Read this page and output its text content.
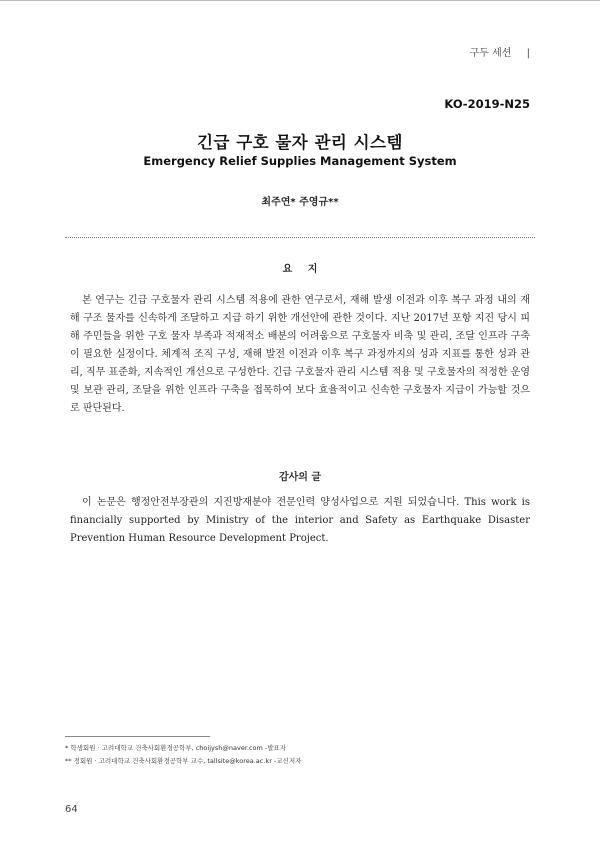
구두 세션 |
KO-2019-N25
긴급 구호 물자 관리 시스템
Emergency Relief Supplies Management System
최주연* 주영규**
요 지
본 연구는 긴급 구호물자 관리 시스템 적용에 관한 연구로서, 재해 발생 이전과 이후 복구 과정 내의 재해 구조 물자를 신속하게 조달하고 지급 하기 위한 개선안에 관한 것이다. 지난 2017년 포항 지진 당시 피해 주민들을 위한 구호 물자 부족과 적재적소 배분의 어려움으로 구호물자 비축 및 관리, 조달 인프라 구축이 필요한 실정이다. 체계적 조직 구성, 재해 발전 이전과 이후 복구 과정까지의 성과 지표를 통한 성과 관리, 직무 표준화, 지속적인 개선으로 구성한다. 긴급 구호물자 관리 시스템 적용 및 구호물자의 적정한 운영 및 보관 관리, 조달을 위한 인프라 구축을 접목하여 보다 효율적이고 신속한 구호물자 지급이 가능할 것으로 판단된다.
감사의 글
이 논문은 행정안전부장관의 지진방재분야 전문인력 양성사업으로 지원 되었습니다. This work is financially supported by Ministry of the interior and Safety as Earthquake Disaster Prevention Human Resource Development Project.
* 학생회원 · 고려대학교 건축사회환경공학부, choijysh@naver.com -발표자
** 정회원 · 고려대학교 건축사회환경공학부 교수, tallsite@korea.ac.kr -교신저자
64
